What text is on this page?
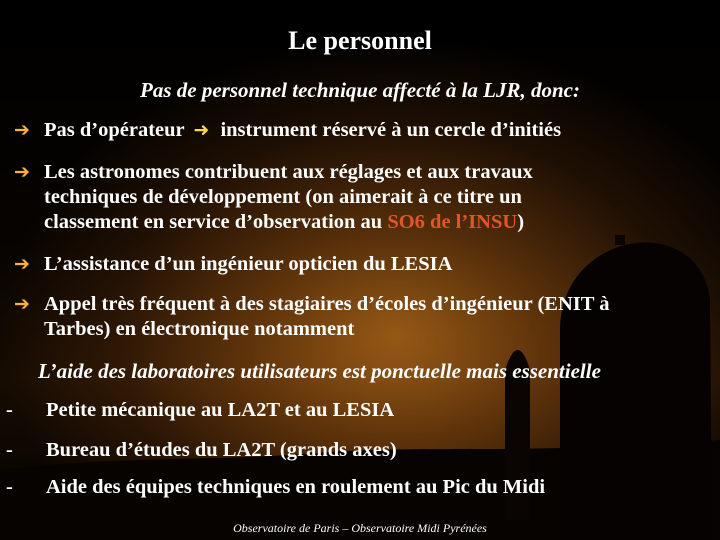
Le personnel
Pas de personnel technique affecté à la LJR, donc:
➔ Pas d’opérateur ➜ instrument réservé à un cercle d’initiés
➔ Les astronomes contribuent aux réglages et aux travaux
techniques de développement (on aimerait à ce titre un
classement en service d’observation au SO6 de l’INSU)
➔ L’assistance d’un ingénieur opticien du LESIA
➔ Appel très fréquent à des stagiaires d’écoles d’ingénieur (ENIT à
Tarbes) en électronique notamment
L’aide des laboratoires utilisateurs est ponctuelle mais essentielle
- Petite mécanique au LA2T et au LESIA
- Bureau d’études du LA2T (grands axes)
- Aide des équipes techniques en roulement au Pic du Midi
Observatoire de Paris – Observatoire Midi Pyrénées
